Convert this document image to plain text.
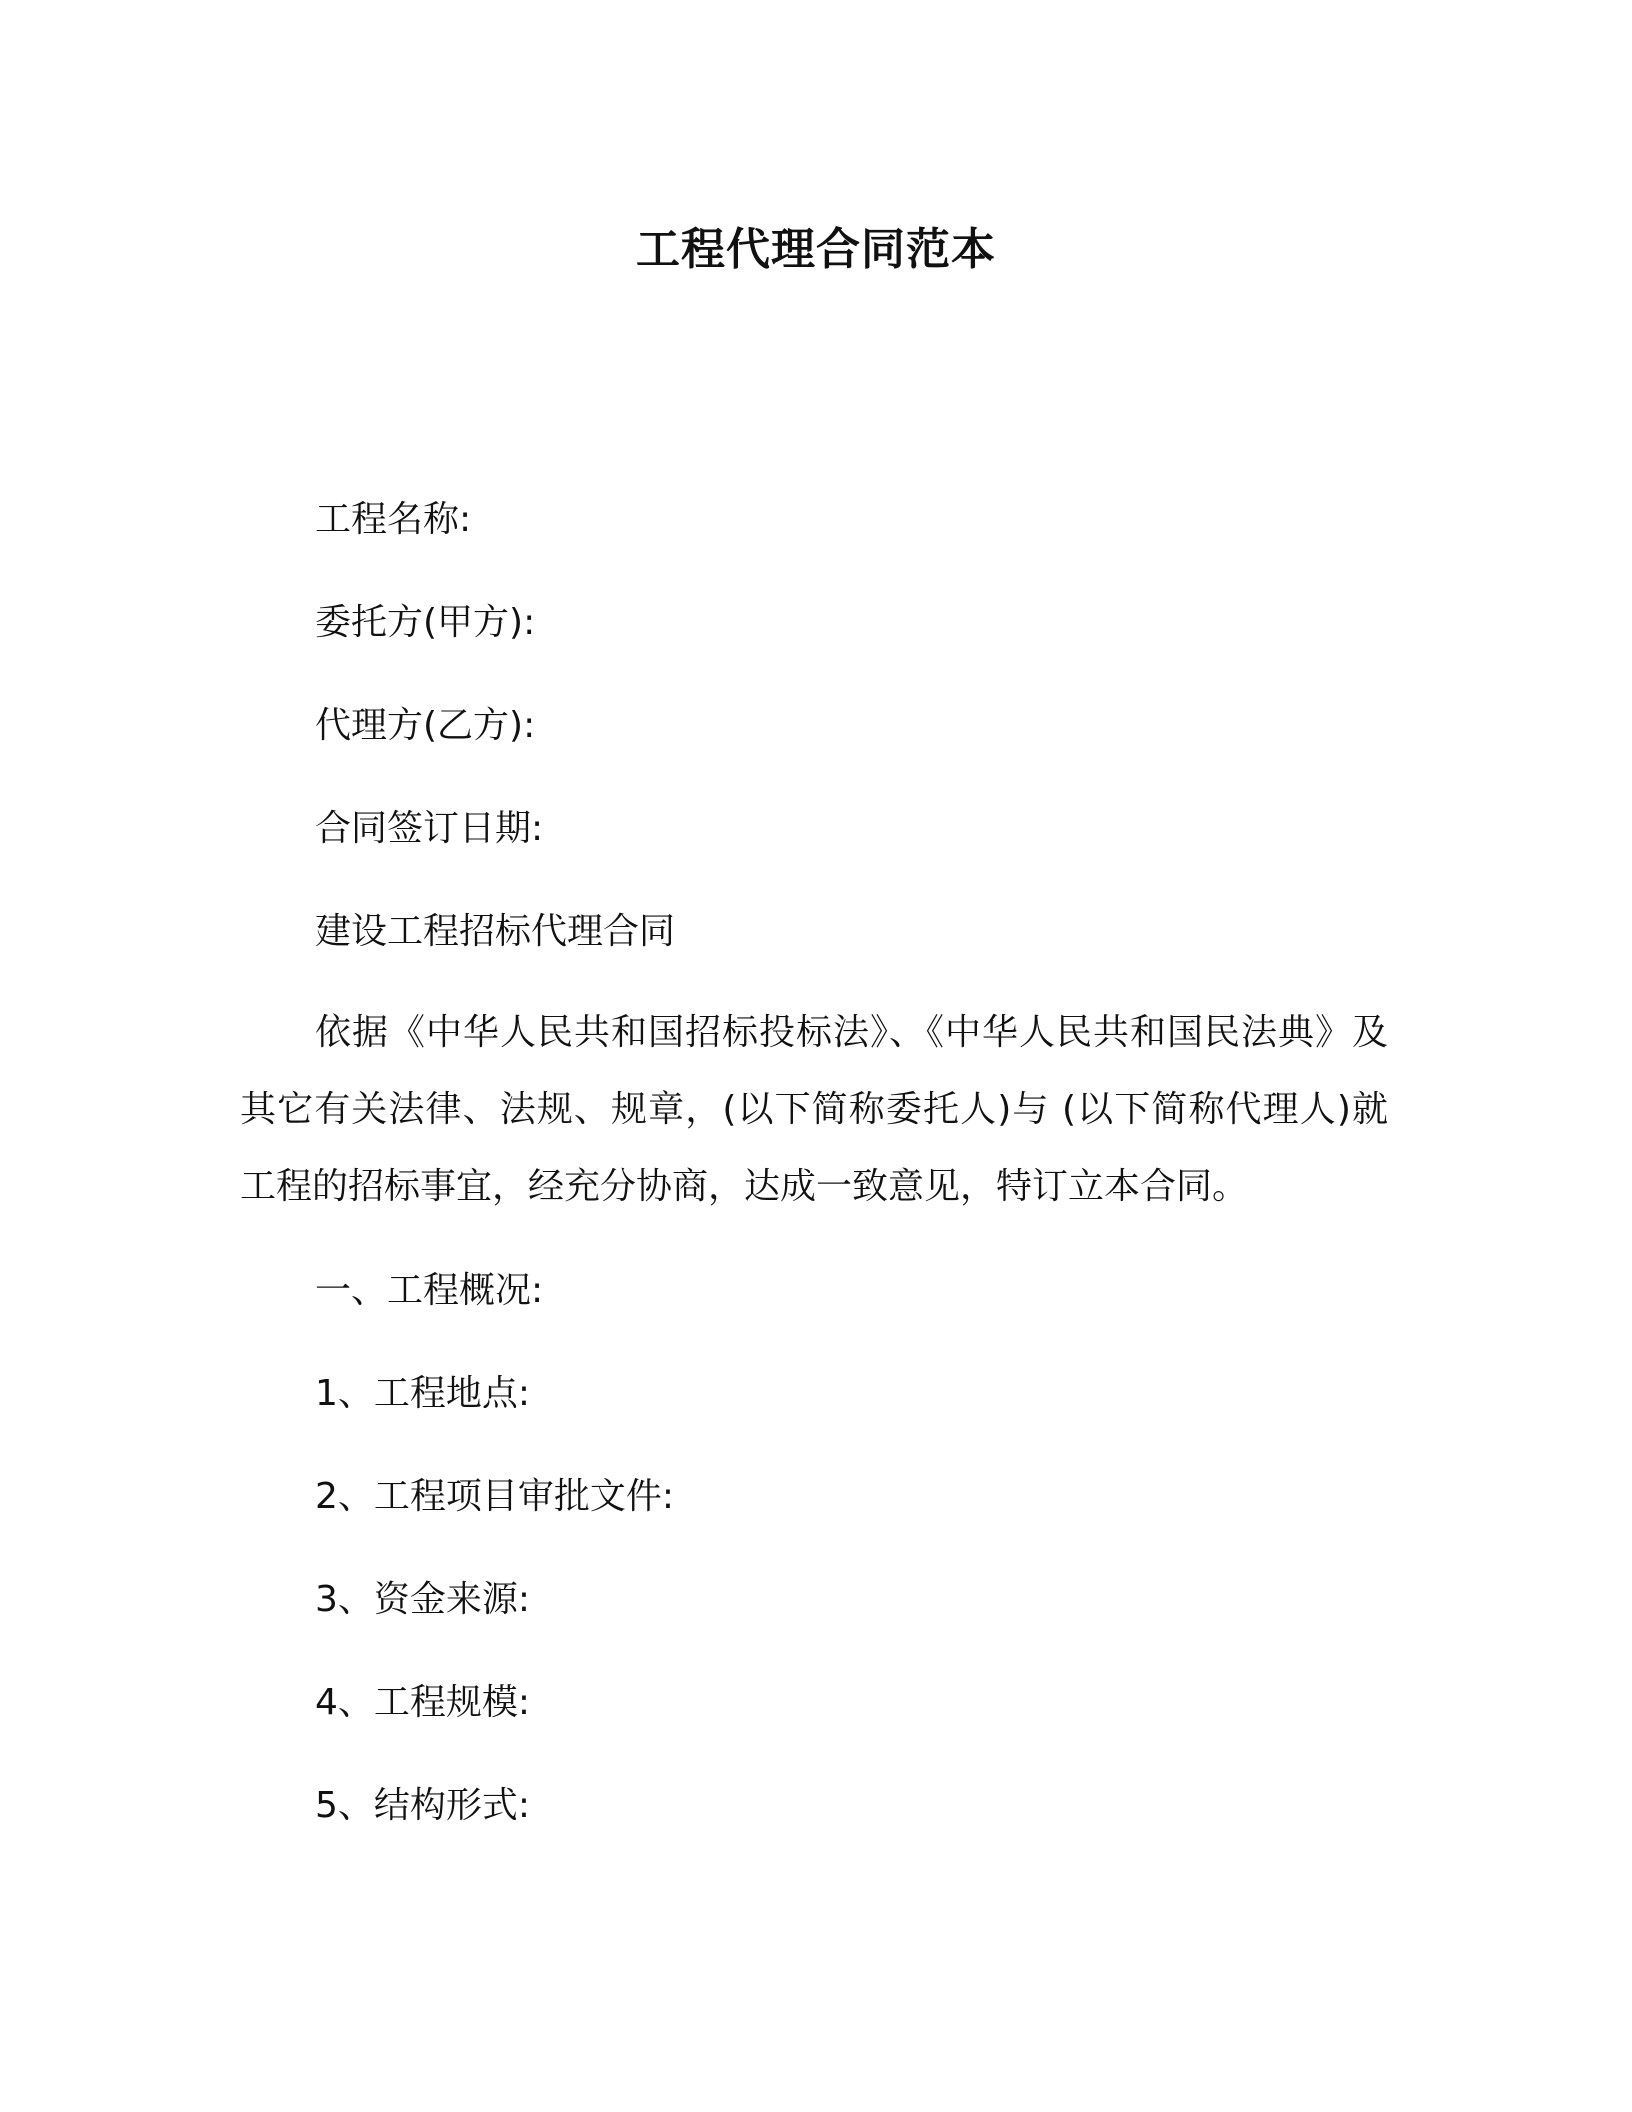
工程代理合同范本

工程名称:

委托方(甲方):

代理方(乙方):

合同签订日期:

建设工程招标代理合同

依据《中华人民共和国招标投标法》、《中华人民共和国民法典》及其它有关法律、法规、规章，(以下简称委托人)与 (以下简称代理人)就 工程的招标事宜，经充分协商，达成一致意见，特订立本合同。

一、工程概况:

1、工程地点:

2、工程项目审批文件:

3、资金来源:

4、工程规模:

5、结构形式:
